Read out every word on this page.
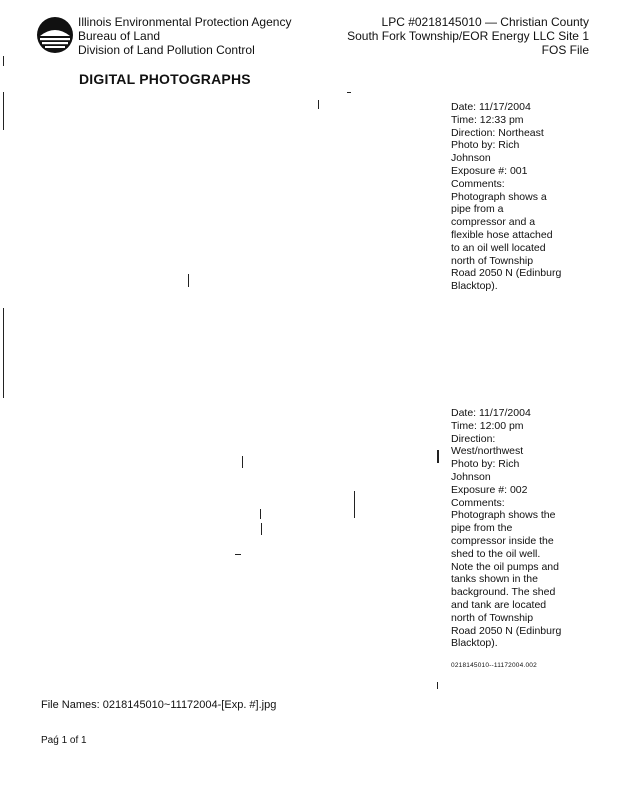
Illinois Environmental Protection Agency
Bureau of Land
Division of Land Pollution Control
LPC #0218145010 — Christian County
South Fork Township/EOR Energy LLC Site 1
FOS File
DIGITAL PHOTOGRAPHS
Date: 11/17/2004
Time: 12:33 pm
Direction: Northeast
Photo by: Rich
Johnson
Exposure #: 001
Comments:
Photograph shows a
pipe from a
compressor and a
flexible hose attached
to an oil well located
north of Township
Road 2050 N (Edinburg
Blacktop).
Date: 11/17/2004
Time: 12:00 pm
Direction:
West/northwest
Photo by: Rich
Johnson
Exposure #: 002
Comments:
Photograph shows the
pipe from the
compressor inside the
shed to the oil well.
Note the oil pumps and
tanks shown in the
background. The shed
and tank are located
north of Township
Road 2050 N (Edinburg
Blacktop).
0218145010--11172004.002
File Names: 0218145010~11172004-[Exp. #].jpg
Paǵ 1 of 1
